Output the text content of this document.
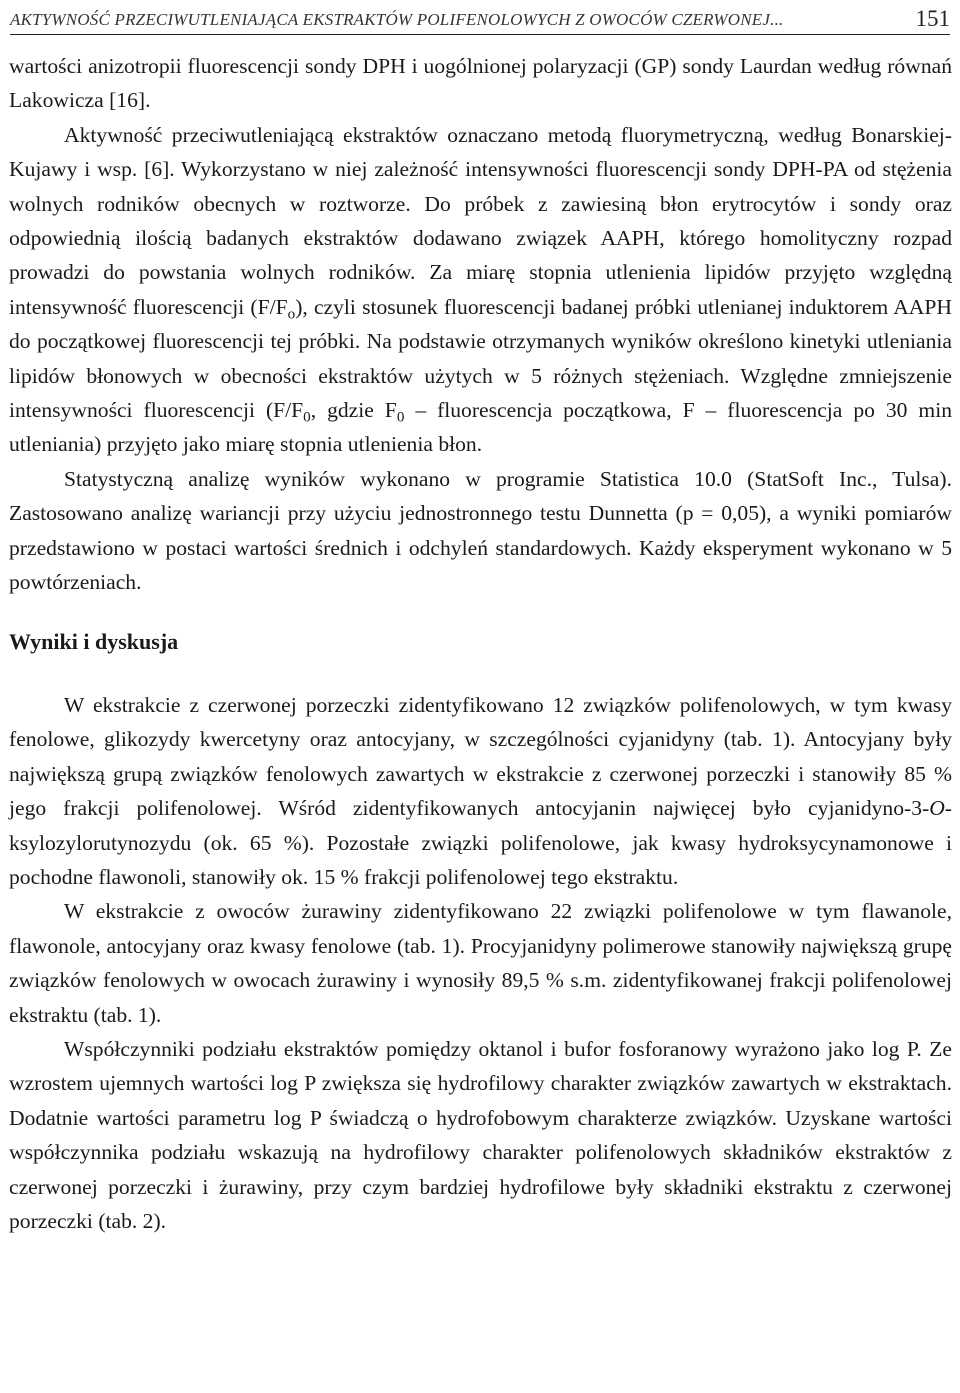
AKTYWNOŚĆ PRZECIWUTLENIAJĄCA EKSTRAKTÓW POLIFENOLOWYCH Z OWOCÓW CZERWONEJ...	151

wartości anizotropii fluorescencji sondy DPH i uogólnionej polaryzacji (GP) sondy Laurdan według równań Lakowicza [16].

Aktywność przeciwutleniającą ekstraktów oznaczano metodą fluorymetryczną, według Bonarskiej-Kujawy i wsp. [6]. Wykorzystano w niej zależność intensywności fluorescencji sondy DPH-PA od stężenia wolnych rodników obecnych w roztworze. Do próbek z zawiesiną błon erytrocytów i sondy oraz odpowiednią ilością badanych ekstraktów dodawano związek AAPH, którego homolityczny rozpad prowadzi do powstania wolnych rodników. Za miarę stopnia utlenienia lipidów przyjęto względną intensywność fluorescencji $(F/F_o)$, czyli stosunek fluorescencji badanej próbki utlenianej induktorem AAPH do początkowej fluorescencji tej próbki. Na podstawie otrzymanych wyników określono kinetyki utleniania lipidów błonowych w obecności ekstraktów użytych w 5 różnych stężeniach. Względne zmniejszenie intensywności fluorescencji ($F/F_0$, gdzie $F_0$ – fluorescencja początkowa, F – fluorescencja po 30 min utleniania) przyjęto jako miarę stopnia utlenienia błon.

Statystyczną analizę wyników wykonano w programie Statistica 10.0 (StatSoft Inc., Tulsa). Zastosowano analizę wariancji przy użyciu jednostronnego testu Dunnetta (p = 0,05), a wyniki pomiarów przedstawiono w postaci wartości średnich i odchyleń standardowych. Każdy eksperyment wykonano w 5 powtórzeniach.

Wyniki i dyskusja

W ekstrakcie z czerwonej porzeczki zidentyfikowano 12 związków polifenolowych, w tym kwasy fenolowe, glikozydy kwercetyny oraz antocyjany, w szczególności cyjanidyny (tab. 1). Antocyjany były największą grupą związków fenolowych zawartych w ekstrakcie z czerwonej porzeczki i stanowiły 85 % jego frakcji polifenolowej. Wśród zidentyfikowanych antocyjanin najwięcej było cyjanidyno-3-O-ksylozylorutynozydu (ok. 65 %). Pozostałe związki polifenolowe, jak kwasy hydroksycynamonowe i pochodne flawonoli, stanowiły ok. 15 % frakcji polifenolowej tego ekstraktu.

W ekstrakcie z owoców żurawiny zidentyfikowano 22 związki polifenolowe w tym flawanole, flawonole, antocyjany oraz kwasy fenolowe (tab. 1). Procyjanidyny polimerowe stanowiły największą grupę związków fenolowych w owocach żurawiny i wynosiły 89,5 % s.m. zidentyfikowanej frakcji polifenolowej ekstraktu (tab. 1).

Współczynniki podziału ekstraktów pomiędzy oktanol i bufor fosforanowy wyrażono jako log P. Ze wzrostem ujemnych wartości log P zwiększa się hydrofilowy charakter związków zawartych w ekstraktach. Dodatnie wartości parametru log P świadczą o hydrofobowym charakterze związków. Uzyskane wartości współczynnika podziału wskazują na hydrofilowy charakter polifenolowych składników ekstraktów z czerwonej porzeczki i żurawiny, przy czym bardziej hydrofilowe były składniki ekstraktu z czerwonej porzeczki (tab. 2).
